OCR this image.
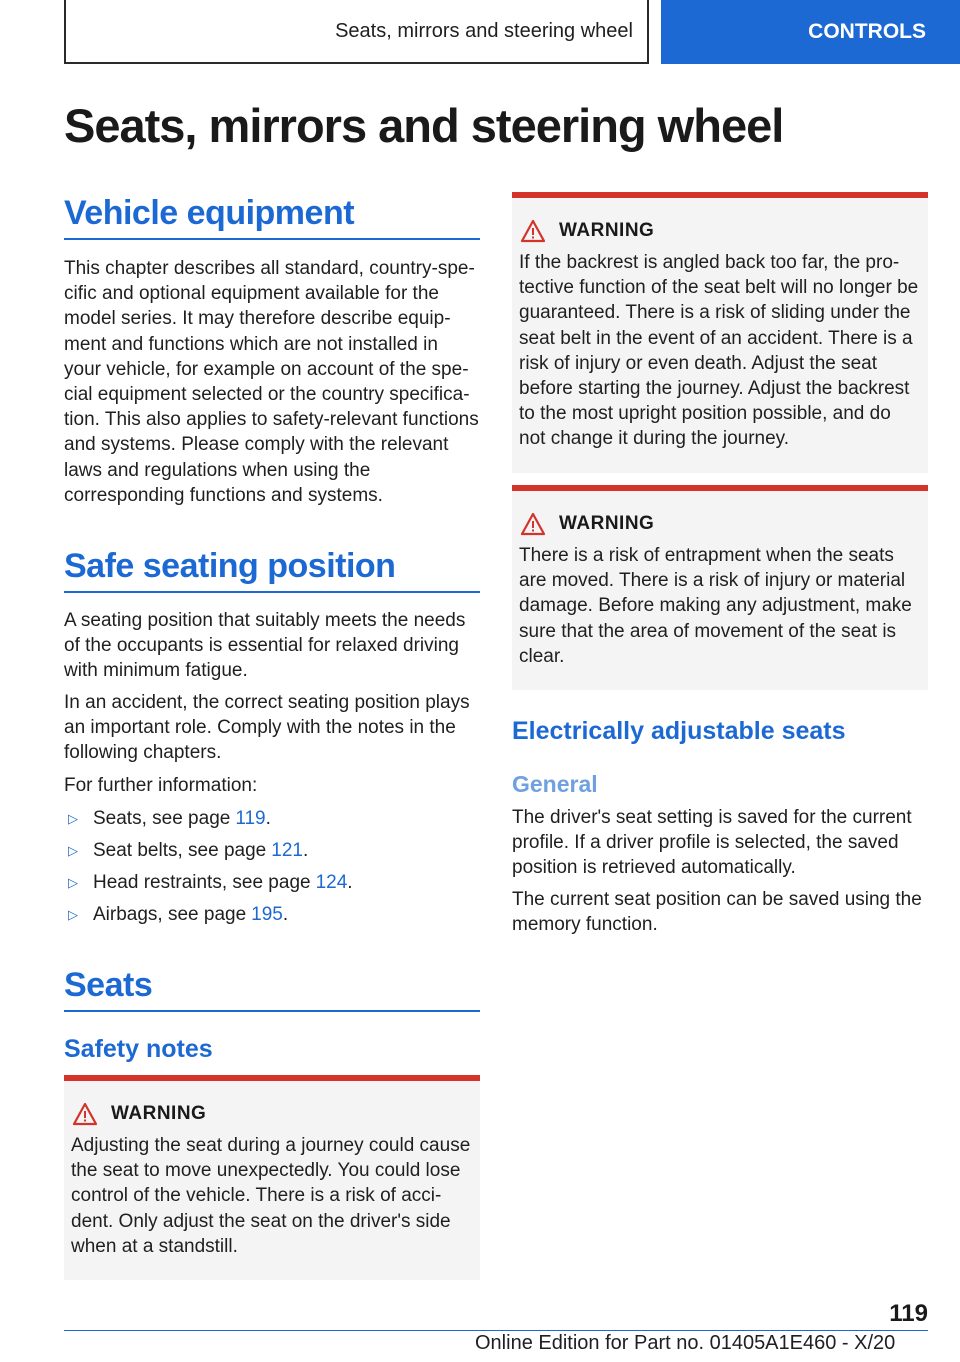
Seats, mirrors and steering wheel	CONTROLS
Seats, mirrors and steering wheel
Vehicle equipment

This chapter describes all standard, country-specific and optional equipment available for the model series. It may therefore describe equipment and functions which are not installed in your vehicle, for example on account of the special equipment selected or the country specification. This also applies to safety-relevant functions and systems. Please comply with the relevant laws and regulations when using the corresponding functions and systems.

Safe seating position

A seating position that suitably meets the needs of the occupants is essential for relaxed driving with minimum fatigue.

In an accident, the correct seating position plays an important role. Comply with the notes in the following chapters.

For further information:

▷ Seats, see page 119 .
▷ Seat belts, see page 121 .
▷ Head restraints, see page 124 .
▷ Airbags, see page 195 .
Seats
Safety notes
WARNING

Adjusting the seat during a journey could cause the seat to move unexpectedly. You could lose control of the vehicle. There is a risk of accident. Only adjust the seat on the driver's side when at a standstill.

WARNING

If the backrest is angled back too far, the protective function of the seat belt will no longer be guaranteed. There is a risk of sliding under the seat belt in the event of an accident. There is a risk of injury or even death. Adjust the seat before starting the journey. Adjust the backrest to the most upright position possible, and do not change it during the journey.

WARNING

There is a risk of entrapment when the seats are moved. There is a risk of injury or material damage. Before making any adjustment, make sure that the area of movement of the seat is clear.

Electrically adjustable seats
General

The driver's seat setting is saved for the current profile. If a driver profile is selected, the saved position is retrieved automatically.

The current seat position can be saved using the memory function.

119
Online Edition for Part no. 01405A1E460 - X/20
